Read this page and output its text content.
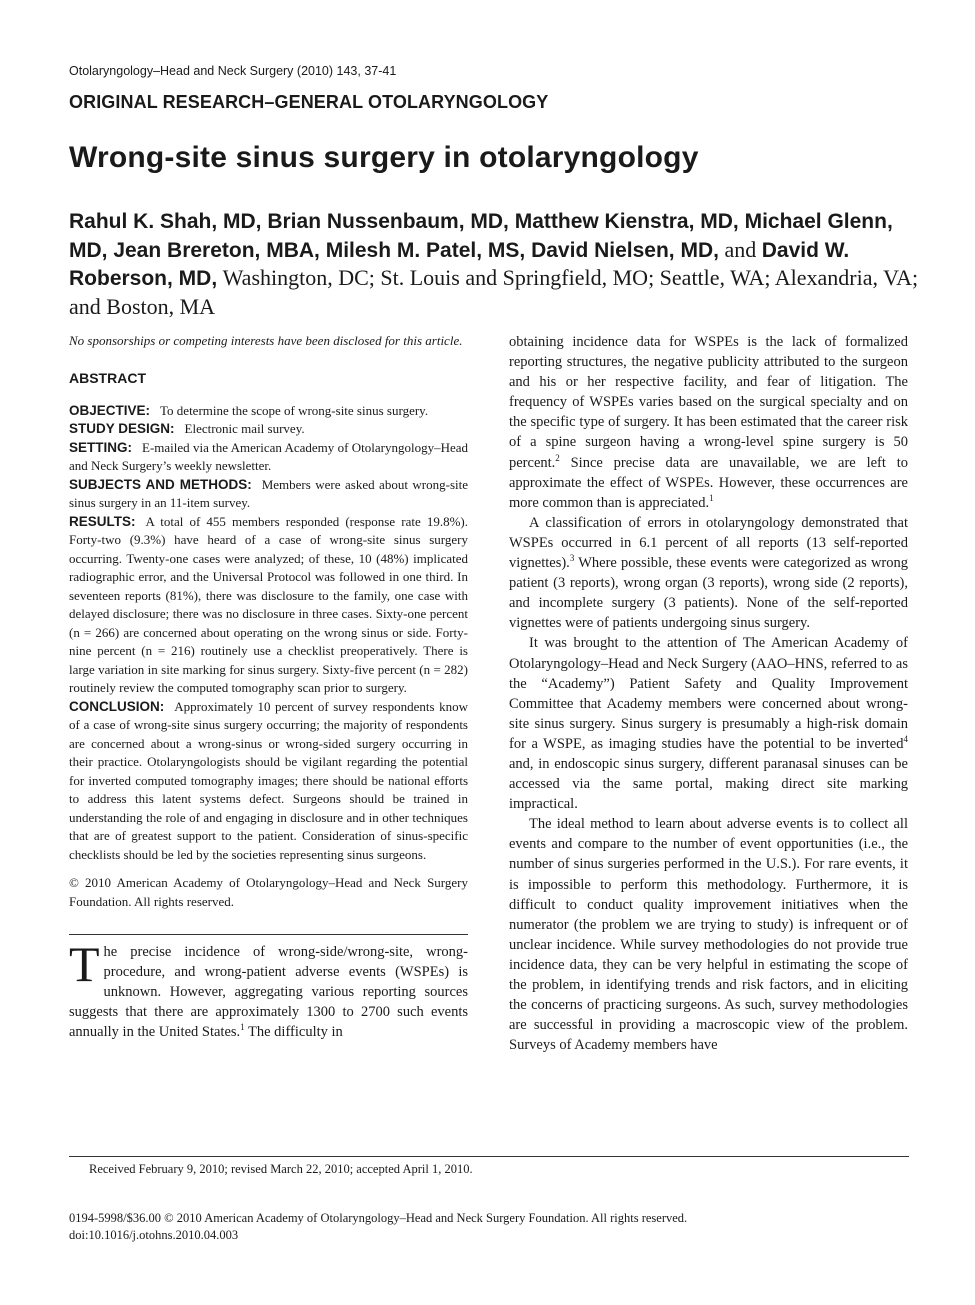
Otolaryngology–Head and Neck Surgery (2010) 143, 37-41
ORIGINAL RESEARCH–GENERAL OTOLARYNGOLOGY
Wrong-site sinus surgery in otolaryngology
Rahul K. Shah, MD, Brian Nussenbaum, MD, Matthew Kienstra, MD, Michael Glenn, MD, Jean Brereton, MBA, Milesh M. Patel, MS, David Nielsen, MD, and David W. Roberson, MD, Washington, DC; St. Louis and Springfield, MO; Seattle, WA; Alexandria, VA; and Boston, MA

No sponsorships or competing interests have been disclosed for this article.

ABSTRACT

OBJECTIVE: To determine the scope of wrong-site sinus surgery.

STUDY DESIGN: Electronic mail survey.

SETTING: E-mailed via the American Academy of Otolaryngology–Head and Neck Surgery’s weekly newsletter.

SUBJECTS AND METHODS: Members were asked about wrong-site sinus surgery in an 11-item survey.

RESULTS: A total of 455 members responded (response rate 19.8%). Forty-two (9.3%) have heard of a case of wrong-site sinus surgery occurring. Twenty-one cases were analyzed; of these, 10 (48%) implicated radiographic error, and the Universal Protocol was followed in one third. In seventeen reports (81%), there was disclosure to the family, one case with delayed disclosure; there was no disclosure in three cases. Sixty-one percent (n = 266) are concerned about operating on the wrong sinus or side. Forty-nine percent (n = 216) routinely use a checklist preoperatively. There is large variation in site marking for sinus surgery. Sixty-five percent (n = 282) routinely review the computed tomography scan prior to surgery.

CONCLUSION: Approximately 10 percent of survey respondents know of a case of wrong-site sinus surgery occurring; the majority of respondents are concerned about a wrong-sinus or wrong-sided surgery occurring in their practice. Otolaryngologists should be vigilant regarding the potential for inverted computed tomography images; there should be national efforts to address this latent systems defect. Surgeons should be trained in understanding the role of and engaging in disclosure and in other techniques that are of greatest support to the patient. Consideration of sinus-specific checklists should be led by the societies representing sinus surgeons.

© 2010 American Academy of Otolaryngology–Head and Neck Surgery Foundation. All rights reserved.

The precise incidence of wrong-side/wrong-site, wrong-procedure, and wrong-patient adverse events (WSPEs) is unknown. However, aggregating various reporting sources suggests that there are approximately 1300 to 2700 such events annually in the United States.$^1$ The difficulty in

obtaining incidence data for WSPEs is the lack of formalized reporting structures, the negative publicity attributed to the surgeon and his or her respective facility, and fear of litigation. The frequency of WSPEs varies based on the surgical specialty and on the specific type of surgery. It has been estimated that the career risk of a spine surgeon having a wrong-level spine surgery is 50 percent.$^2$ Since precise data are unavailable, we are left to approximate the effect of WSPEs. However, these occurrences are more common than is appreciated.$^1$

A classification of errors in otolaryngology demonstrated that WSPEs occurred in 6.1 percent of all reports (13 self-reported vignettes).$^3$ Where possible, these events were categorized as wrong patient (3 reports), wrong organ (3 reports), wrong side (2 reports), and incomplete surgery (3 patients). None of the self-reported vignettes were of patients undergoing sinus surgery.

It was brought to the attention of The American Academy of Otolaryngology–Head and Neck Surgery (AAO–HNS, referred to as the “Academy”) Patient Safety and Quality Improvement Committee that Academy members were concerned about wrong-site sinus surgery. Sinus surgery is presumably a high-risk domain for a WSPE, as imaging studies have the potential to be inverted$^4$ and, in endoscopic sinus surgery, different paranasal sinuses can be accessed via the same portal, making direct site marking impractical.

The ideal method to learn about adverse events is to collect all events and compare to the number of event opportunities (i.e., the number of sinus surgeries performed in the U.S.). For rare events, it is impossible to perform this methodology. Furthermore, it is difficult to conduct quality improvement initiatives when the numerator (the problem we are trying to study) is infrequent or of unclear incidence. While survey methodologies do not provide true incidence data, they can be very helpful in estimating the scope of the problem, in identifying trends and risk factors, and in eliciting the concerns of practicing surgeons. As such, survey methodologies are successful in providing a macroscopic view of the problem. Surveys of Academy members have

Received February 9, 2010; revised March 22, 2010; accepted April 1, 2010.
0194-5998/$36.00 © 2010 American Academy of Otolaryngology–Head and Neck Surgery Foundation. All rights reserved.
doi:10.1016/j.otohns.2010.04.003
